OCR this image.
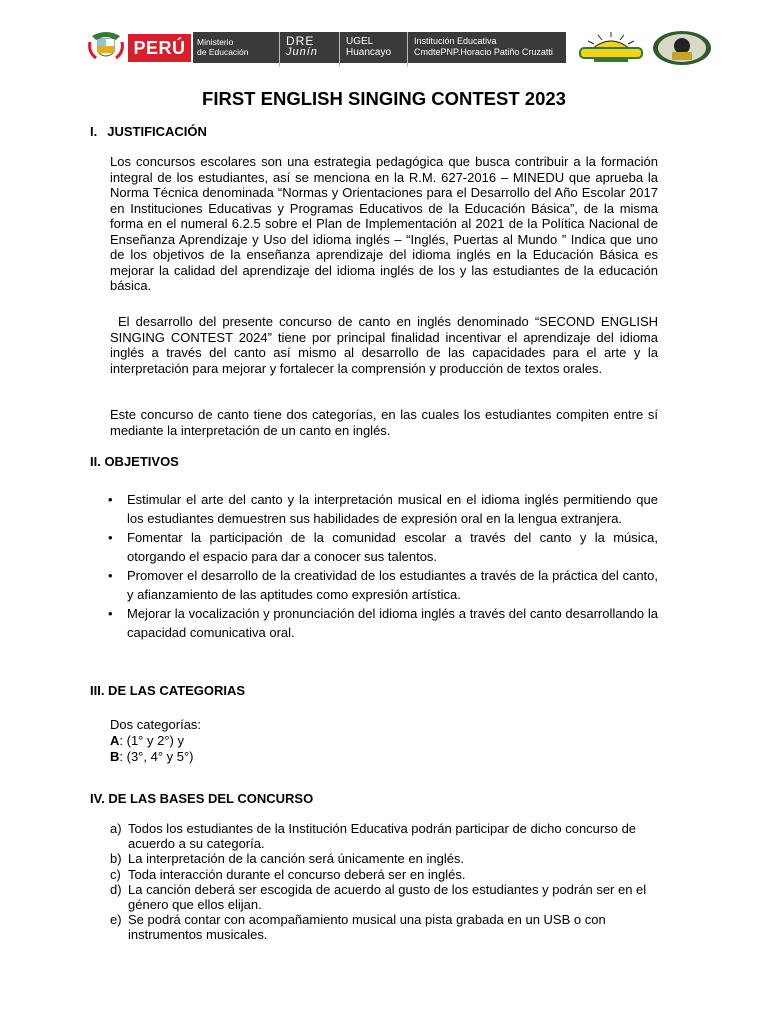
PERÚ	Ministerio
de Educación
DRE
Junín
UGEL
Huancayo
Institución Educativa
CmdtePNP.Horacio Patiño Cruzatti
FIRST ENGLISH SINGING CONTEST 2023
I. JUSTIFICACIÓN

Los concursos escolares son una estrategia pedagógica que busca contribuir a la formación integral de los estudiantes, así se menciona en la R.M. 627-2016 – MINEDU que aprueba la Norma Técnica denominada “Normas y Orientaciones para el Desarrollo del Año Escolar 2017 en Instituciones Educativas y Programas Educativos de la Educación Básica”, de la misma forma en el numeral 6.2.5 sobre el Plan de Implementación al 2021 de la Política Nacional de Enseñanza Aprendizaje y Uso del idioma inglés – “Inglés, Puertas al Mundo ” Indica que uno de los objetivos de la enseñanza aprendizaje del idioma inglés en la Educación Básica es mejorar la calidad del aprendizaje del idioma inglés de los y las estudiantes de la educación básica.

El desarrollo del presente concurso de canto en inglés denominado “SECOND ENGLISH SINGING CONTEST 2024” tiene por principal finalidad incentivar el aprendizaje del idioma inglés a través del canto así mismo al desarrollo de las capacidades para el arte y la interpretación para mejorar y fortalecer la comprensión y producción de textos orales.

Este concurso de canto tiene dos categorías, en las cuales los estudiantes compiten entre sí mediante la interpretación de un canto en inglés.

II. OBJETIVOS
• Estimular el arte del canto y la interpretación musical en el idioma inglés permitiendo que los estudiantes demuestren sus habilidades de expresión oral en la lengua extranjera.
• Fomentar la participación de la comunidad escolar a través del canto y la música, otorgando el espacio para dar a conocer sus talentos.
• Promover el desarrollo de la creatividad de los estudiantes a través de la práctica del canto, y afianzamiento de las aptitudes como expresión artística.
• Mejorar la vocalización y pronunciación del idioma inglés a través del canto desarrollando la capacidad comunicativa oral.
III. DE LAS CATEGORIAS
Dos categorías:
A: (1° y 2°) y
B: (3°, 4° y 5°)
IV. DE LAS BASES DEL CONCURSO
a) Todos los estudiantes de la Institución Educativa podrán participar de dicho concurso de acuerdo a su categoría.
b) La interpretación de la canción será únicamente en inglés.
c) Toda interacción durante el concurso deberá ser en inglés.
d) La canción deberá ser escogida de acuerdo al gusto de los estudiantes y podrán ser en el género que ellos elijan.
e) Se podrá contar con acompañamiento musical una pista grabada en un USB o con instrumentos musicales.
